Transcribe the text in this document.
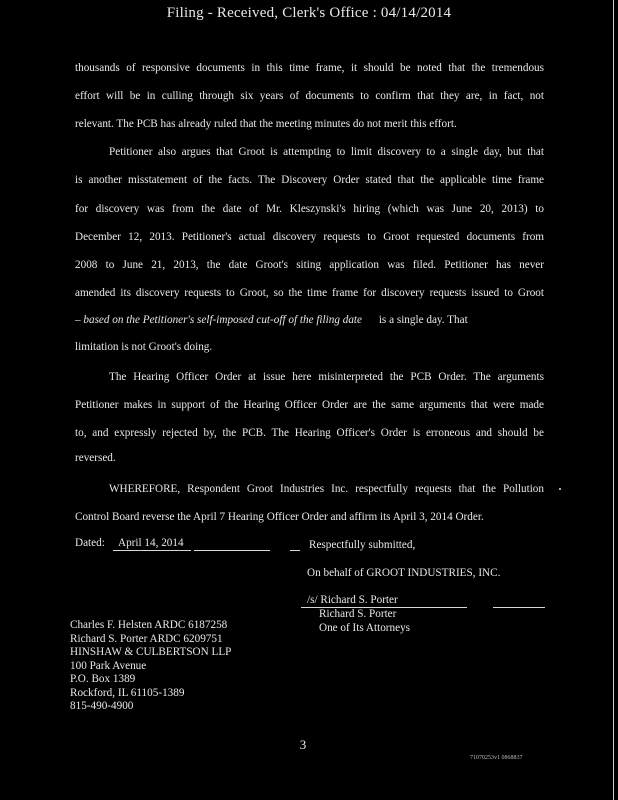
Filing - Received, Clerk's Office : 04/14/2014
thousands of responsive documents in this time frame, it should be noted that the tremendous
effort will be in culling through six years of documents to confirm that they are, in fact, not
relevant. The PCB has already ruled that the meeting minutes do not merit this effort.
Petitioner also argues that Groot is attempting to limit discovery to a single day, but that
is another misstatement of the facts. The Discovery Order stated that the applicable time frame
for discovery was from the date of Mr. Kleszynski's hiring (which was June 20, 2013) to
December 12, 2013. Petitioner's actual discovery requests to Groot requested documents from
2008 to June 21, 2013, the date Groot's siting application was filed. Petitioner has never
amended its discovery requests to Groot, so the time frame for discovery requests issued to Groot
– based on the Petitioner's self-imposed cut-off of the filing date is a single day. That
limitation is not Groot's doing.
The Hearing Officer Order at issue here misinterpreted the PCB Order. The arguments
Petitioner makes in support of the Hearing Officer Order are the same arguments that were made
to, and expressly rejected by, the PCB. The Hearing Officer's Order is erroneous and should be
reversed.
WHEREFORE, Respondent Groot Industries Inc. respectfully requests that the Pollution
Control Board reverse the April 7 Hearing Officer Order and affirm its April 3, 2014 Order.
Dated: April 14, 2014	Respectfully submitted,
On behalf of GROOT INDUSTRIES, INC.
/s/ Richard S. Porter
Richard S. Porter
One of Its Attorneys
Charles F. Helsten ARDC 6187258
Richard S. Porter ARDC 6209751
HINSHAW & CULBERTSON LLP
100 Park Avenue
P.O. Box 1389
Rockford, IL 61105-1389
815-490-4900
3
71070253v1 0868837
